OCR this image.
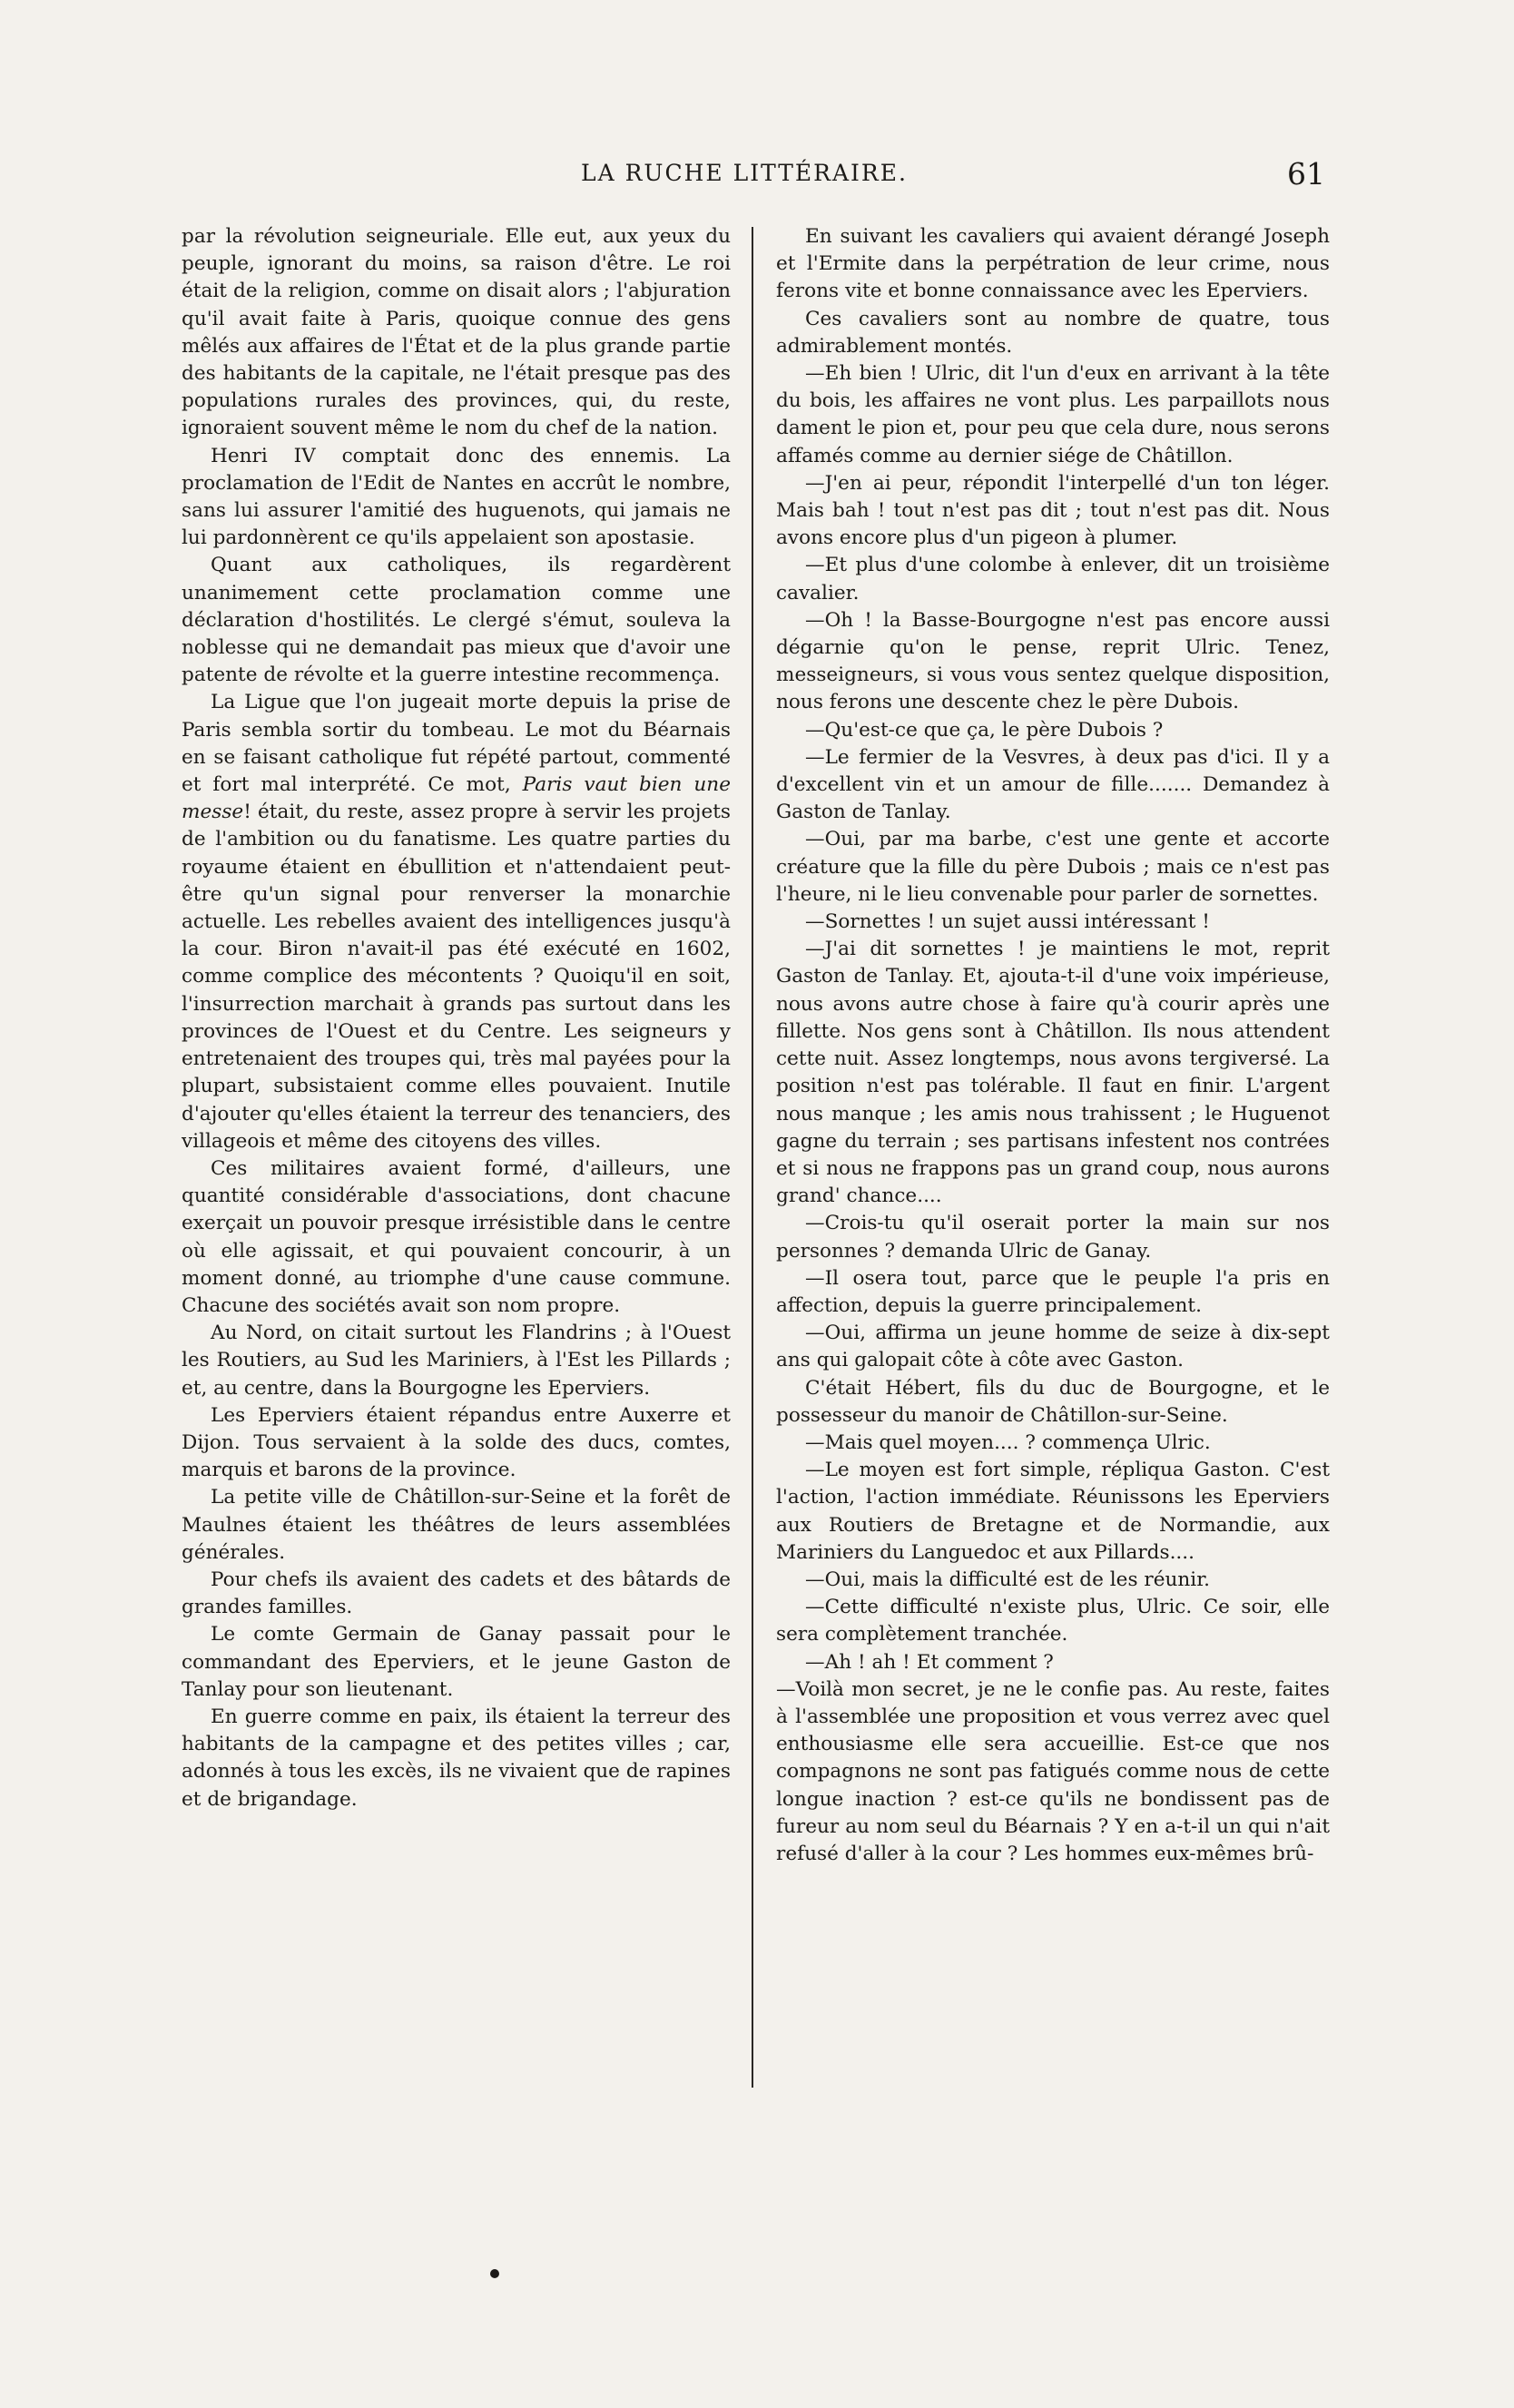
LA RUCHE LITTÉRAIRE.	61

par la révolution seigneuriale. Elle eut, aux yeux du peuple, ignorant du moins, sa raison d'être. Le roi était de la religion, comme on disait alors ; l'abjuration qu'il avait faite à Paris, quoique connue des gens mêlés aux affaires de l'État et de la plus grande partie des habitants de la capitale, ne l'était presque pas des populations rurales des provinces, qui, du reste, ignoraient souvent même le nom du chef de la nation.

Henri IV comptait donc des ennemis. La proclamation de l'Edit de Nantes en accrût le nombre, sans lui assurer l'amitié des huguenots, qui jamais ne lui pardonnèrent ce qu'ils appelaient son apostasie.

Quant aux catholiques, ils regardèrent unanimement cette proclamation comme une déclaration d'hostilités. Le clergé s'émut, souleva la noblesse qui ne demandait pas mieux que d'avoir une patente de révolte et la guerre intestine recommença.

La Ligue que l'on jugeait morte depuis la prise de Paris sembla sortir du tombeau. Le mot du Béarnais en se faisant catholique fut répété partout, commenté et fort mal interprété. Ce mot, Paris vaut bien une messe! était, du reste, assez propre à servir les projets de l'ambition ou du fanatisme. Les quatre parties du royaume étaient en ébullition et n'attendaient peut-être qu'un signal pour renverser la monarchie actuelle. Les rebelles avaient des intelligences jusqu'à la cour. Biron n'avait-il pas été exécuté en 1602, comme complice des mécontents ? Quoiqu'il en soit, l'insurrection marchait à grands pas surtout dans les provinces de l'Ouest et du Centre. Les seigneurs y entretenaient des troupes qui, très mal payées pour la plupart, subsistaient comme elles pouvaient. Inutile d'ajouter qu'elles étaient la terreur des tenanciers, des villageois et même des citoyens des villes.

Ces militaires avaient formé, d'ailleurs, une quantité considérable d'associations, dont chacune exerçait un pouvoir presque irrésistible dans le centre où elle agissait, et qui pouvaient concourir, à un moment donné, au triomphe d'une cause commune. Chacune des sociétés avait son nom propre.

Au Nord, on citait surtout les Flandrins ; à l'Ouest les Routiers, au Sud les Mariniers, à l'Est les Pillards ; et, au centre, dans la Bourgogne les Eperviers.

Les Eperviers étaient répandus entre Auxerre et Dijon. Tous servaient à la solde des ducs, comtes, marquis et barons de la province.

La petite ville de Châtillon-sur-Seine et la forêt de Maulnes étaient les théâtres de leurs assemblées générales.

Pour chefs ils avaient des cadets et des bâtards de grandes familles.

Le comte Germain de Ganay passait pour le commandant des Eperviers, et le jeune Gaston de Tanlay pour son lieutenant.

En guerre comme en paix, ils étaient la terreur des habitants de la campagne et des petites villes ; car, adonnés à tous les excès, ils ne vivaient que de rapines et de brigandage.

En suivant les cavaliers qui avaient dérangé Joseph et l'Ermite dans la perpétration de leur crime, nous ferons vite et bonne connaissance avec les Eperviers.

Ces cavaliers sont au nombre de quatre, tous admirablement montés.

—Eh bien ! Ulric, dit l'un d'eux en arrivant à la tête du bois, les affaires ne vont plus. Les parpaillots nous dament le pion et, pour peu que cela dure, nous serons affamés comme au dernier siége de Châtillon.

—J'en ai peur, répondit l'interpellé d'un ton léger. Mais bah ! tout n'est pas dit ; tout n'est pas dit. Nous avons encore plus d'un pigeon à plumer.

—Et plus d'une colombe à enlever, dit un troisième cavalier.

—Oh ! la Basse-Bourgogne n'est pas encore aussi dégarnie qu'on le pense, reprit Ulric. Tenez, messeigneurs, si vous vous sentez quelque disposition, nous ferons une descente chez le père Dubois.

—Qu'est-ce que ça, le père Dubois ?

—Le fermier de la Vesvres, à deux pas d'ici. Il y a d'excellent vin et un amour de fille....... Demandez à Gaston de Tanlay.

—Oui, par ma barbe, c'est une gente et accorte créature que la fille du père Dubois ; mais ce n'est pas l'heure, ni le lieu convenable pour parler de sornettes.

—Sornettes ! un sujet aussi intéressant !

—J'ai dit sornettes ! je maintiens le mot, reprit Gaston de Tanlay. Et, ajouta-t-il d'une voix impérieuse, nous avons autre chose à faire qu'à courir après une fillette. Nos gens sont à Châtillon. Ils nous attendent cette nuit. Assez longtemps, nous avons tergiversé. La position n'est pas tolérable. Il faut en finir. L'argent nous manque ; les amis nous trahissent ; le Huguenot gagne du terrain ; ses partisans infestent nos contrées et si nous ne frappons pas un grand coup, nous aurons grand' chance....

—Crois-tu qu'il oserait porter la main sur nos personnes ? demanda Ulric de Ganay.

—Il osera tout, parce que le peuple l'a pris en affection, depuis la guerre principalement.

—Oui, affirma un jeune homme de seize à dix-sept ans qui galopait côte à côte avec Gaston.

C'était Hébert, fils du duc de Bourgogne, et le possesseur du manoir de Châtillon-sur-Seine.

—Mais quel moyen.... ? commença Ulric.

—Le moyen est fort simple, répliqua Gaston. C'est l'action, l'action immédiate. Réunissons les Eperviers aux Routiers de Bretagne et de Normandie, aux Mariniers du Languedoc et aux Pillards....

—Oui, mais la difficulté est de les réunir.

—Cette difficulté n'existe plus, Ulric. Ce soir, elle sera complètement tranchée.

—Ah ! ah ! Et comment ?

—Voilà mon secret, je ne le confie pas. Au reste, faites à l'assemblée une proposition et vous verrez avec quel enthousiasme elle sera accueillie. Est-ce que nos compagnons ne sont pas fatigués comme nous de cette longue inaction ? est-ce qu'ils ne bondissent pas de fureur au nom seul du Béarnais ? Y en a-t-il un qui n'ait refusé d'aller à la cour ? Les hommes eux-mêmes brû-
